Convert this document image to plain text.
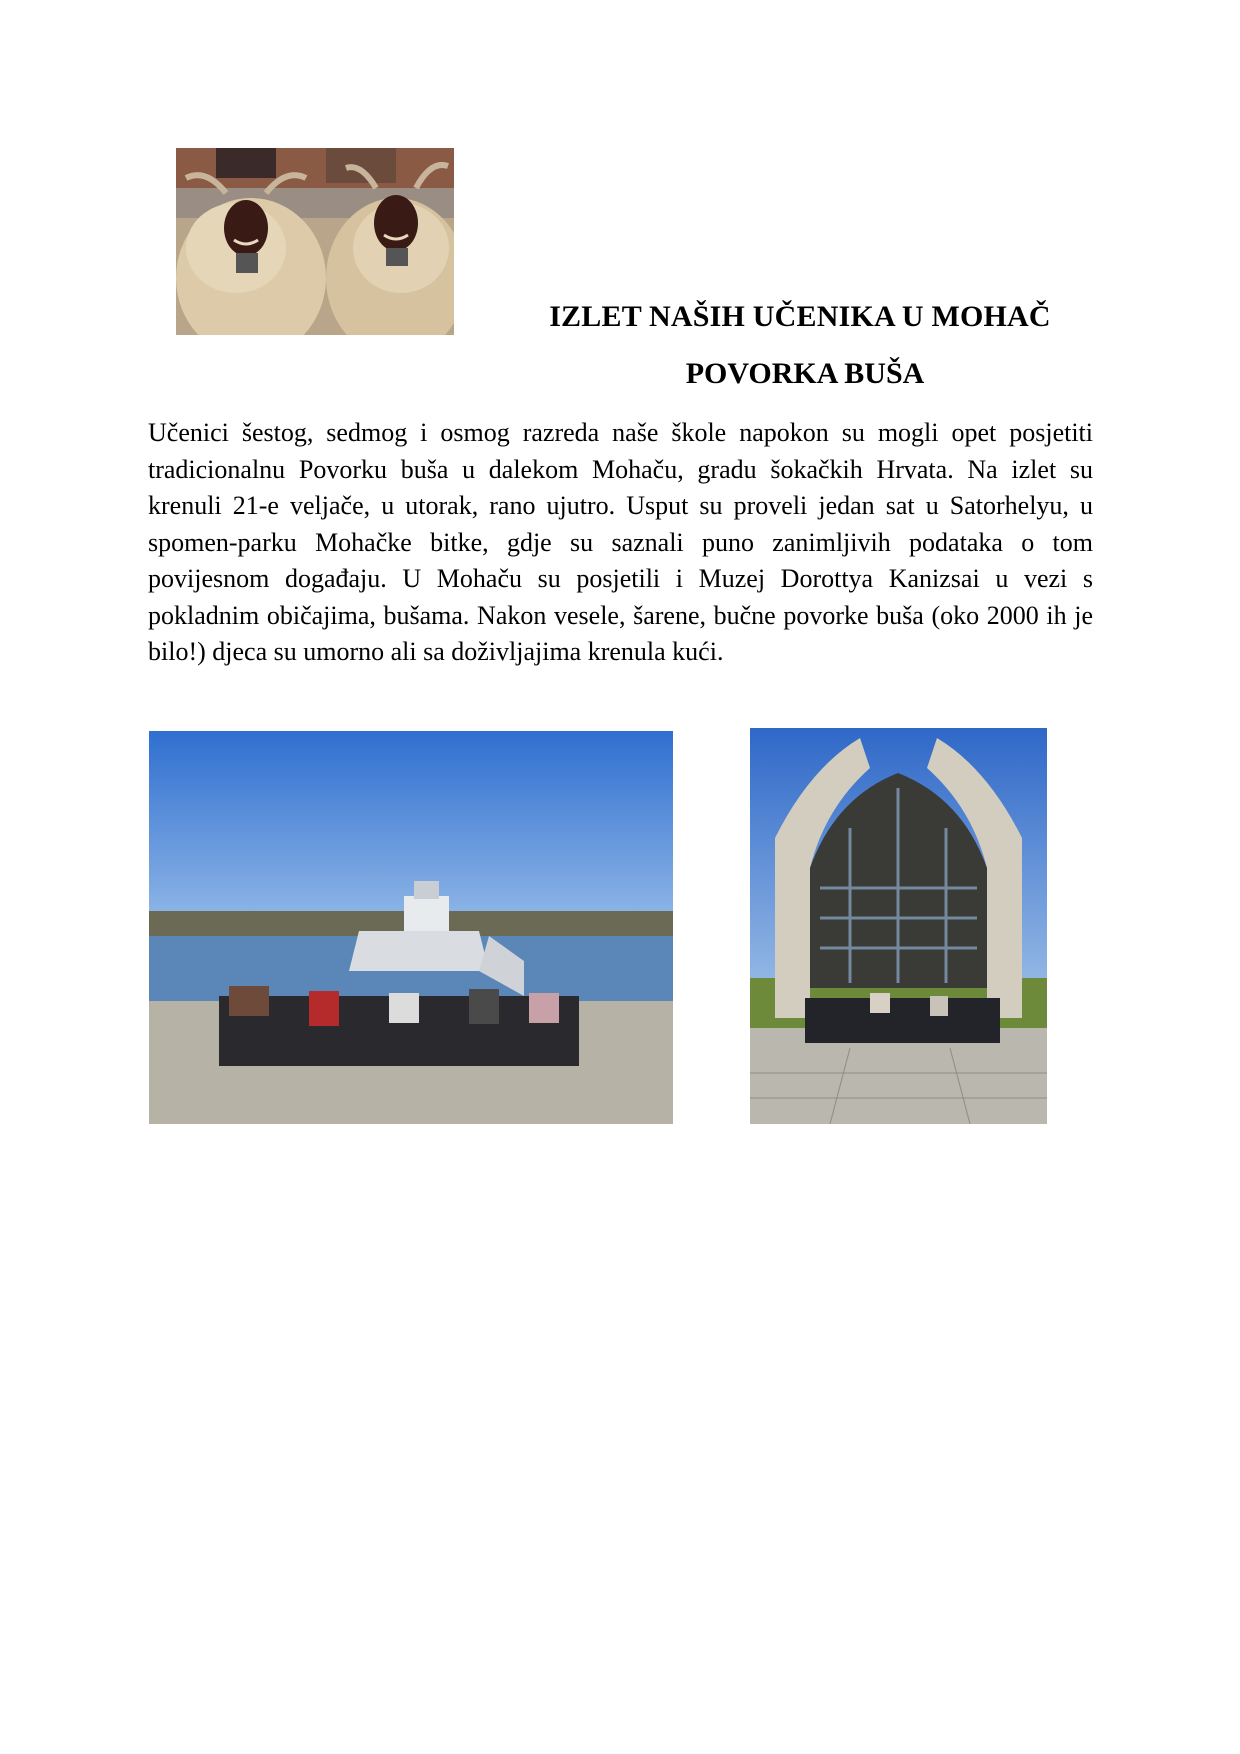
IZLET NAŠIH UČENIKA U MOHAČ
POVORKA BUŠA

Učenici šestog, sedmog i osmog razreda naše škole napokon su mogli opet posjetiti tradicionalnu Povorku buša u dalekom Mohaču, gradu šokačkih Hrvata. Na izlet su krenuli 21-e veljače, u utorak, rano ujutro. Usput su proveli jedan sat u Satorhelyu, u spomen-parku Mohačke bitke, gdje su saznali puno zanimljivih podataka o tom povijesnom događaju. U Mohaču su posjetili i Muzej Dorottya Kanizsai u vezi s pokladnim običajima, bušama. Nakon vesele, šarene, bučne povorke buša (oko 2000 ih je bilo!) djeca su umorno ali sa doživljajima krenula kući.
